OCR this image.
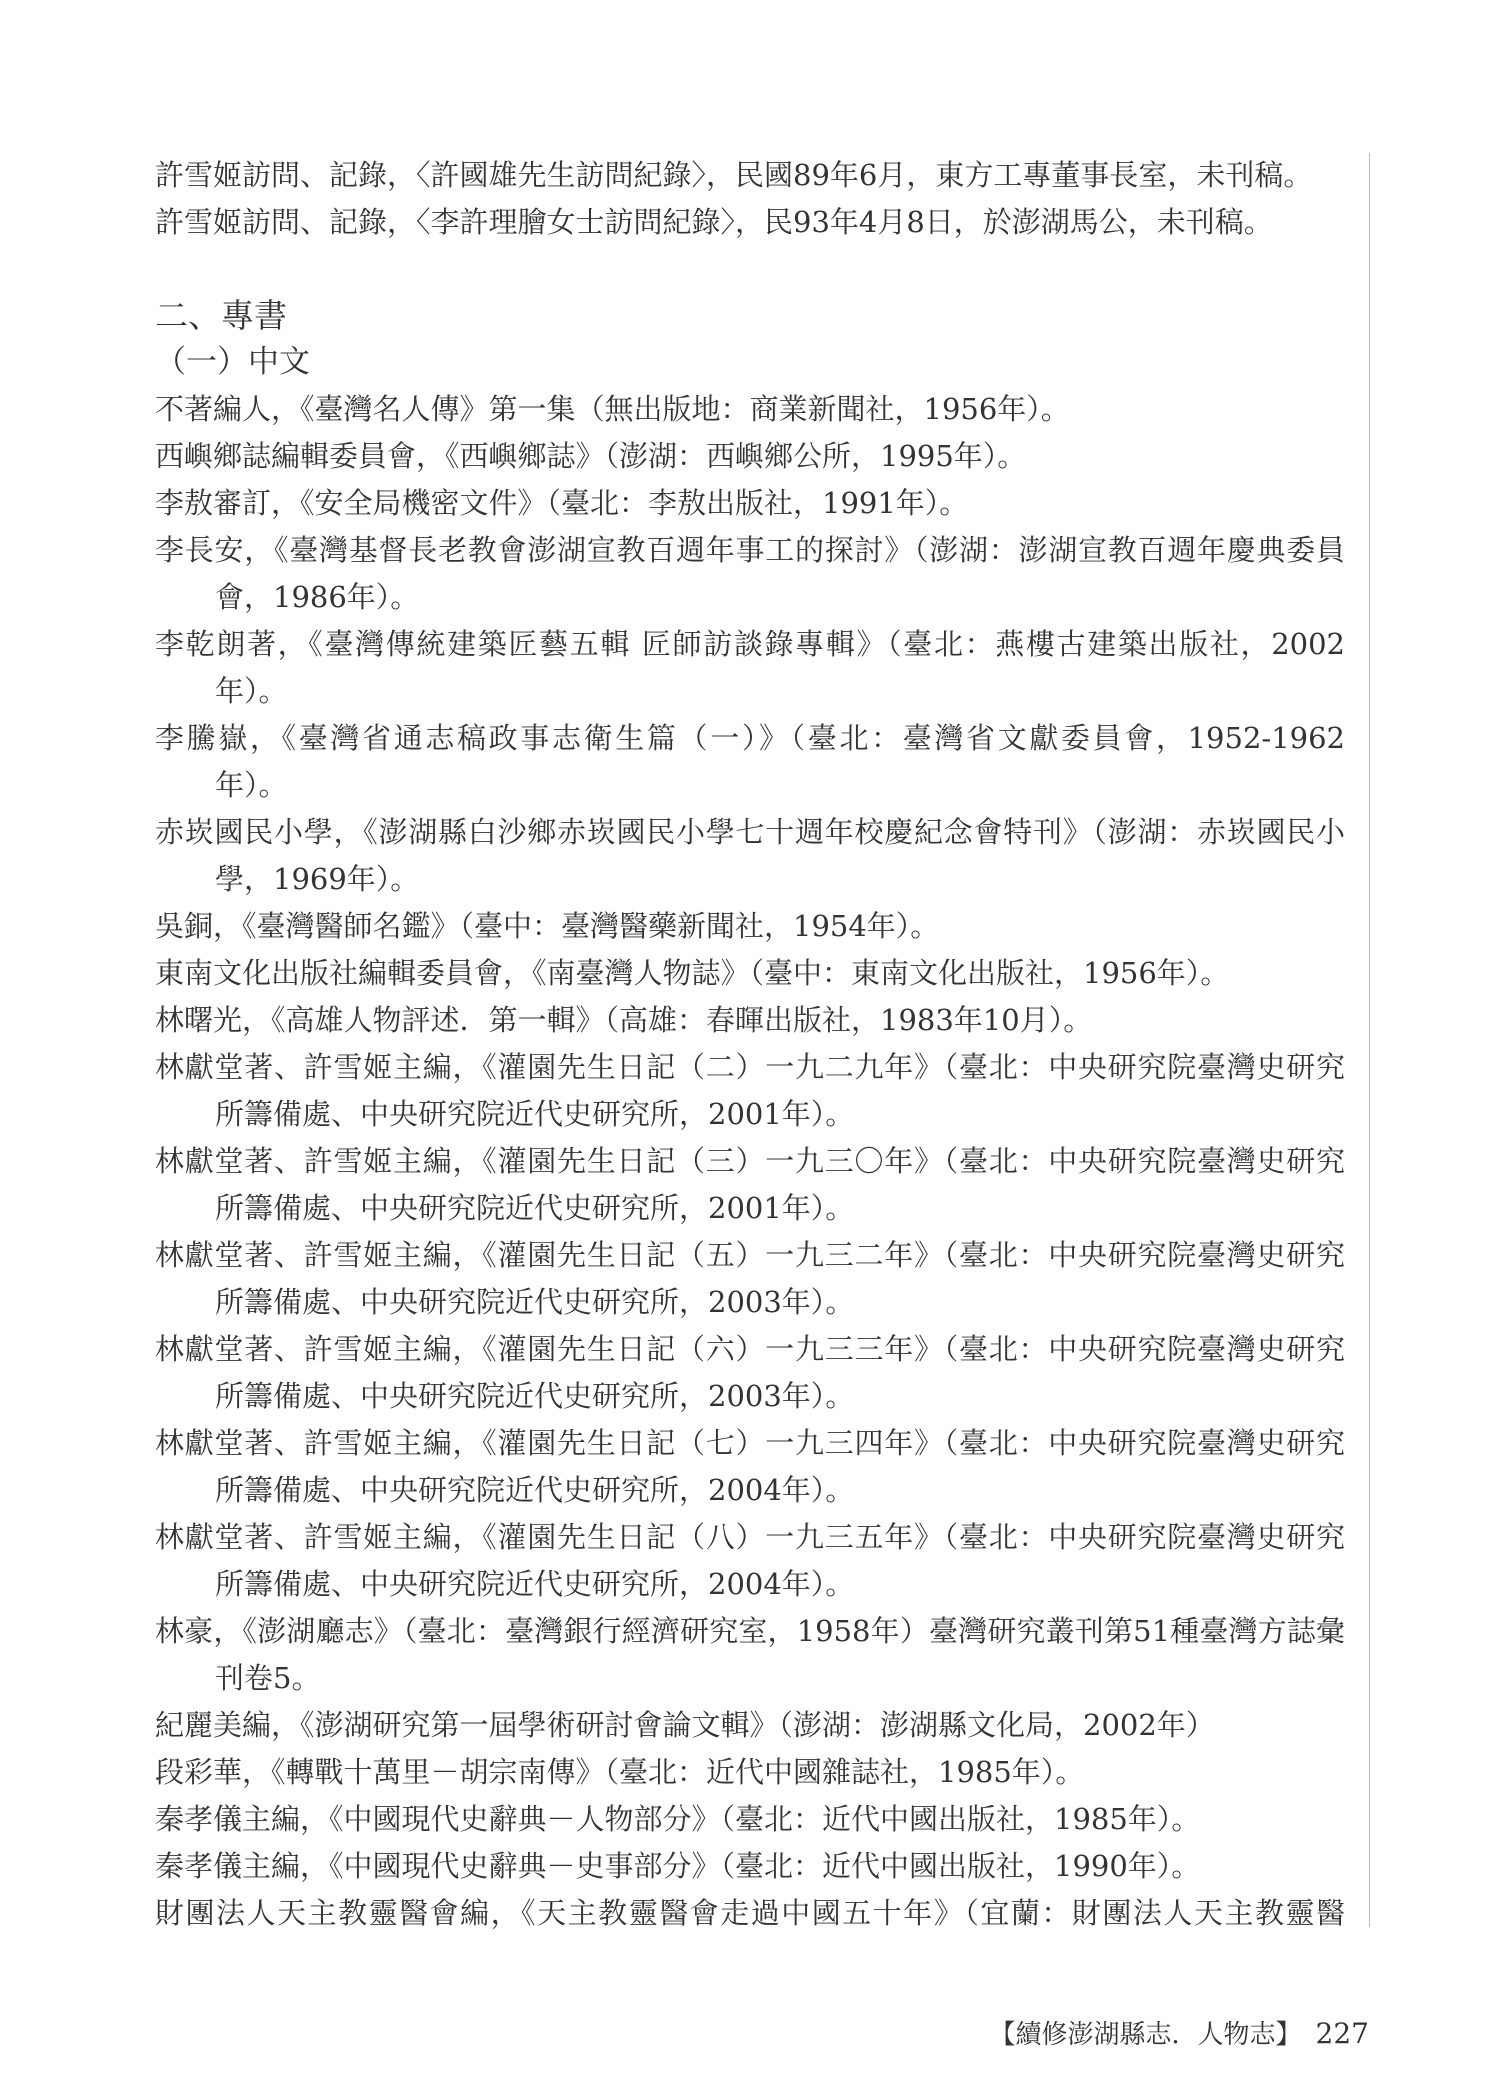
許雪姬訪問、記錄，〈許國雄先生訪問紀錄〉，民國89年6月，東方工專董事長室，未刊稿。
許雪姬訪問、記錄，〈李許理膾女士訪問紀錄〉，民93年4月8日，於澎湖馬公，未刊稿。
二、專書
（一）中文
不著編人，《臺灣名人傳》第一集（無出版地：商業新聞社，1956年）。
西嶼鄉誌編輯委員會，《西嶼鄉誌》（澎湖：西嶼鄉公所，1995年）。
李敖審訂，《安全局機密文件》（臺北：李敖出版社，1991年）。
李長安，《臺灣基督長老教會澎湖宣教百週年事工的探討》（澎湖：澎湖宣教百週年慶典委員
會，1986年）。
李乾朗著，《臺灣傳統建築匠藝五輯 匠師訪談錄專輯》（臺北：燕樓古建築出版社，2002
年）。
李騰嶽，《臺灣省通志稿政事志衛生篇（一）》（臺北：臺灣省文獻委員會，1952-1962
年）。
赤崁國民小學，《澎湖縣白沙鄉赤崁國民小學七十週年校慶紀念會特刊》（澎湖：赤崁國民小
學，1969年）。
吳銅，《臺灣醫師名鑑》（臺中：臺灣醫藥新聞社，1954年）。
東南文化出版社編輯委員會，《南臺灣人物誌》（臺中：東南文化出版社，1956年）。
林曙光，《高雄人物評述．第一輯》（高雄：春暉出版社，1983年10月）。
林獻堂著、許雪姬主編，《灌園先生日記（二）一九二九年》（臺北：中央研究院臺灣史研究
所籌備處、中央研究院近代史研究所，2001年）。
林獻堂著、許雪姬主編，《灌園先生日記（三）一九三〇年》（臺北：中央研究院臺灣史研究
所籌備處、中央研究院近代史研究所，2001年）。
林獻堂著、許雪姬主編，《灌園先生日記（五）一九三二年》（臺北：中央研究院臺灣史研究
所籌備處、中央研究院近代史研究所，2003年）。
林獻堂著、許雪姬主編，《灌園先生日記（六）一九三三年》（臺北：中央研究院臺灣史研究
所籌備處、中央研究院近代史研究所，2003年）。
林獻堂著、許雪姬主編，《灌園先生日記（七）一九三四年》（臺北：中央研究院臺灣史研究
所籌備處、中央研究院近代史研究所，2004年）。
林獻堂著、許雪姬主編，《灌園先生日記（八）一九三五年》（臺北：中央研究院臺灣史研究
所籌備處、中央研究院近代史研究所，2004年）。
林豪，《澎湖廳志》（臺北：臺灣銀行經濟研究室，1958年）臺灣研究叢刊第51種臺灣方誌彙
刊卷5。
紀麗美編，《澎湖研究第一屆學術研討會論文輯》（澎湖：澎湖縣文化局，2002年）
段彩華，《轉戰十萬里－胡宗南傳》（臺北：近代中國雜誌社，1985年）。
秦孝儀主編，《中國現代史辭典－人物部分》（臺北：近代中國出版社，1985年）。
秦孝儀主編，《中國現代史辭典－史事部分》（臺北：近代中國出版社，1990年）。
財團法人天主教靈醫會編，《天主教靈醫會走過中國五十年》（宜蘭：財團法人天主教靈醫
【續修澎湖縣志．人物志】 227
